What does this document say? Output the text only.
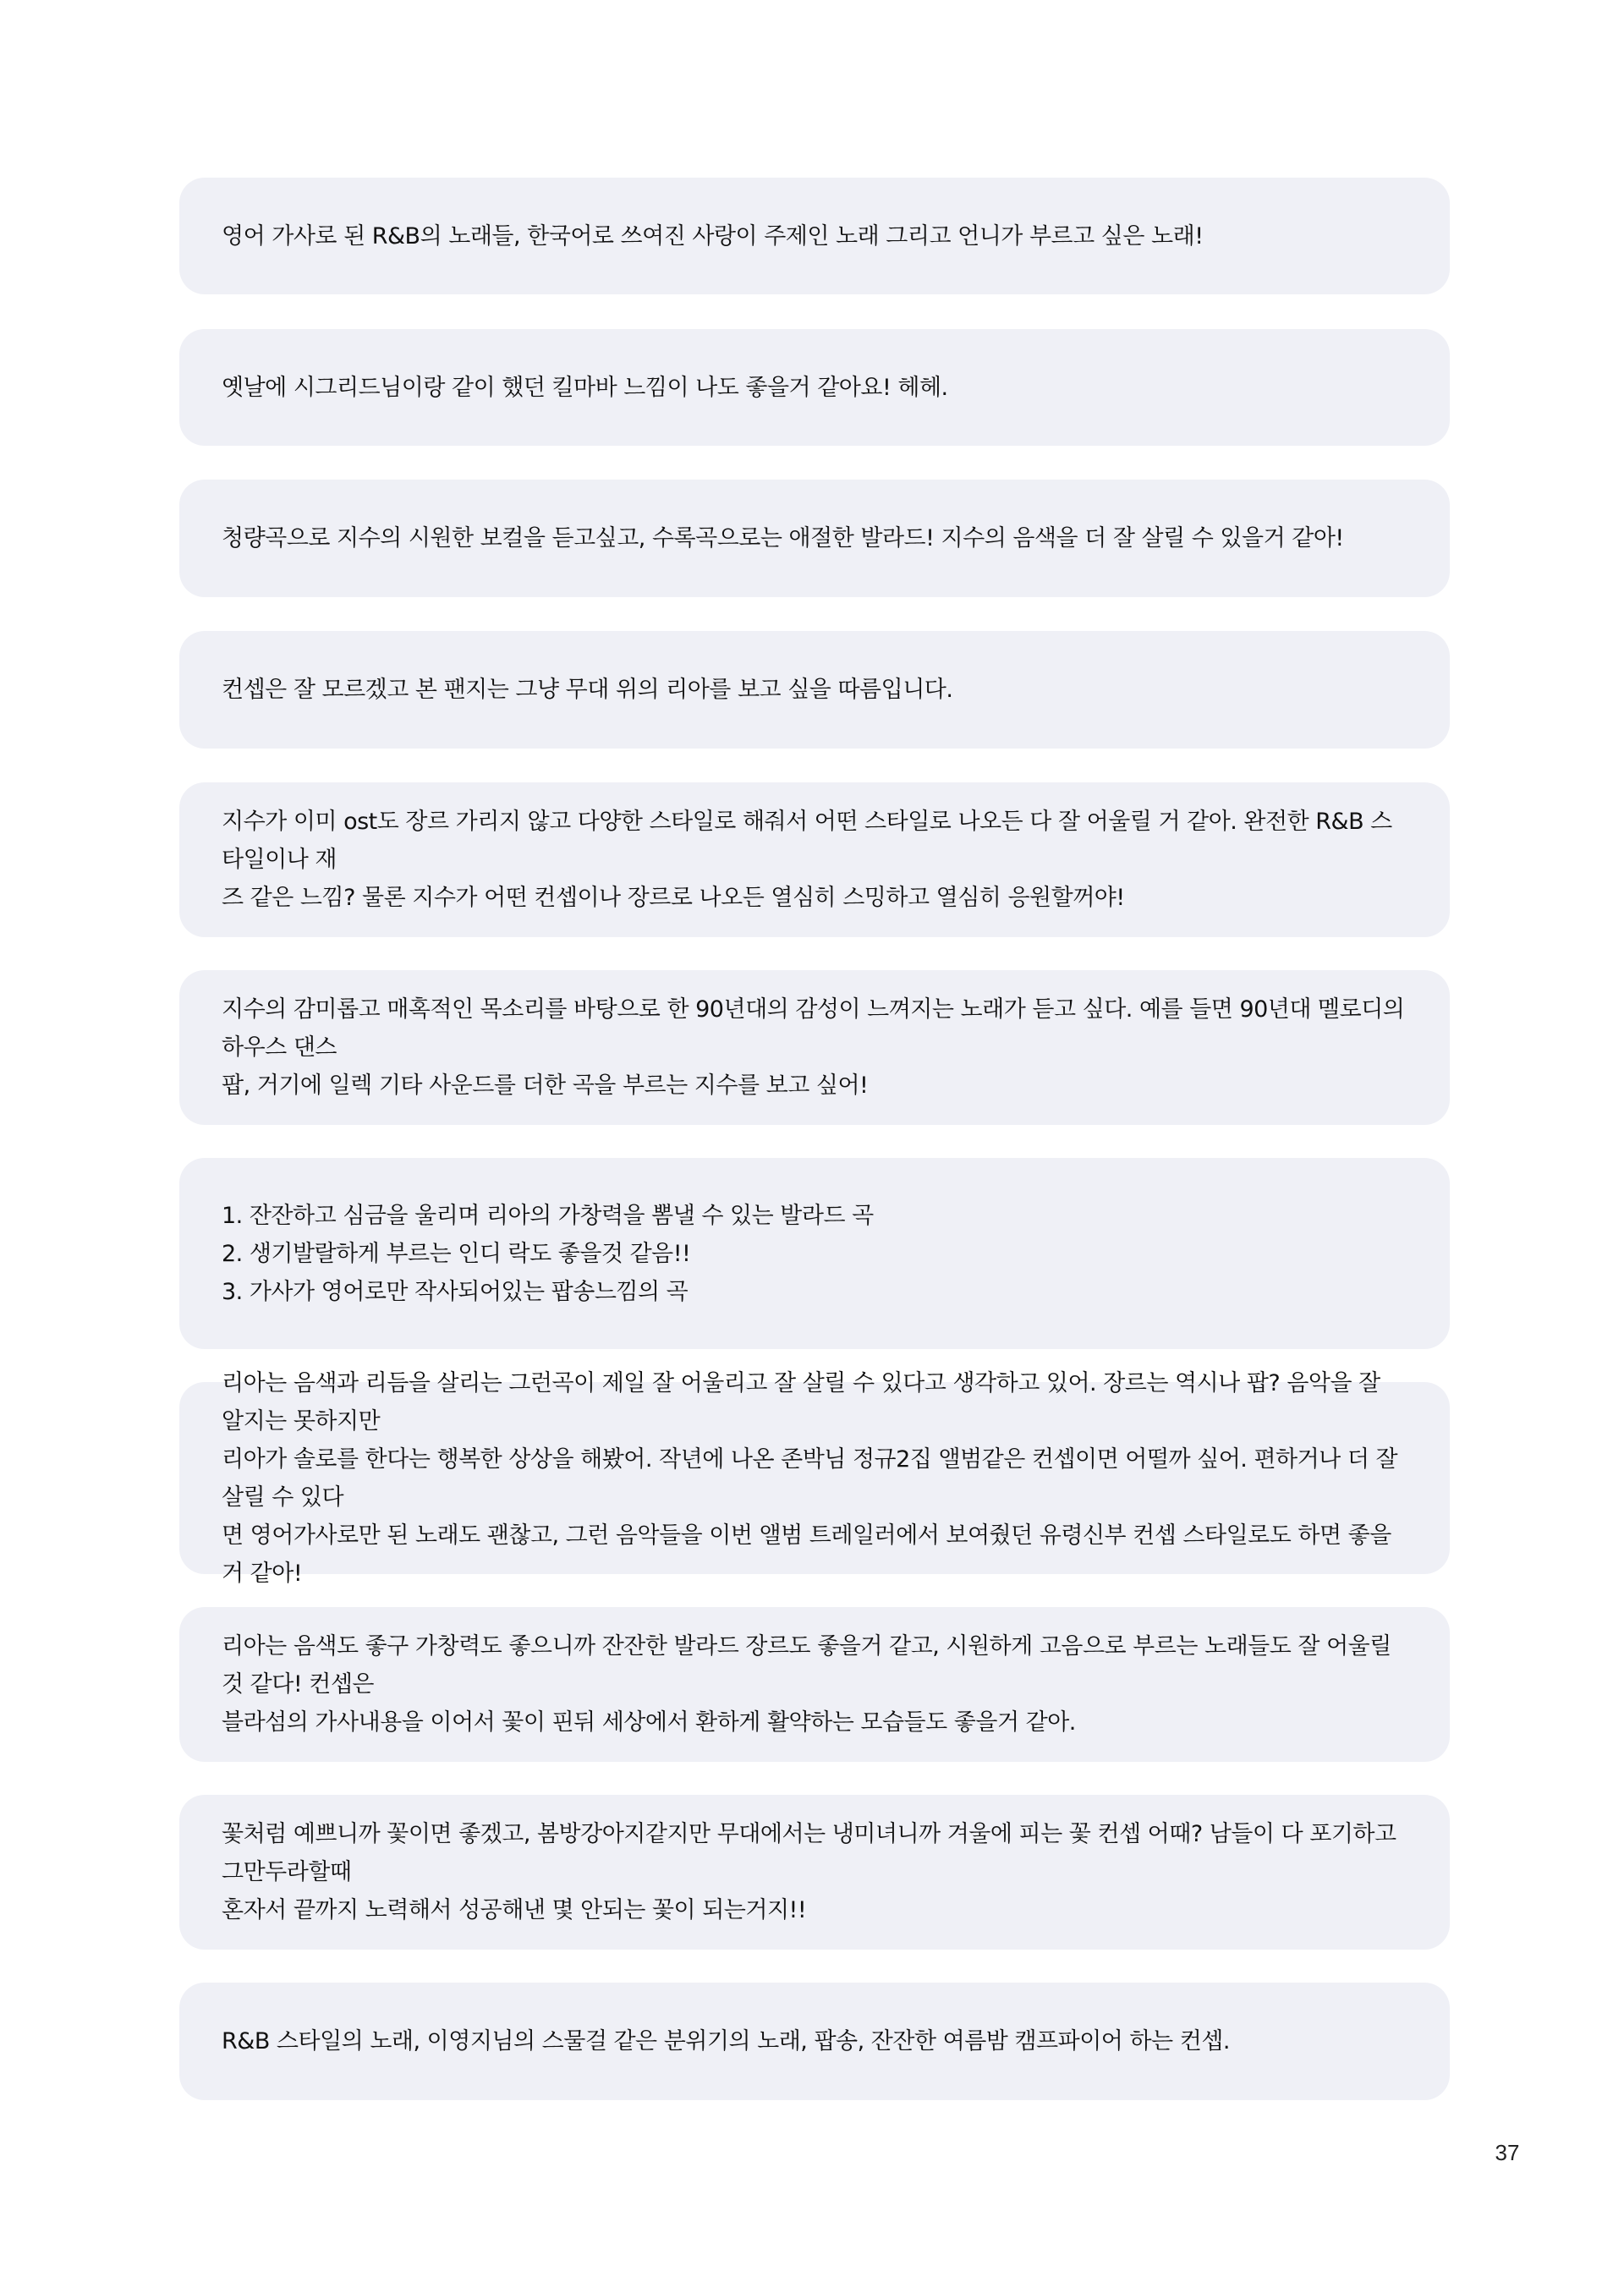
영어 가사로 된 R&B의 노래들, 한국어로 쓰여진 사랑이 주제인 노래 그리고 언니가 부르고 싶은 노래!

옛날에 시그리드님이랑 같이 했던 킬마바 느낌이 나도 좋을거 같아요! 헤헤.

청량곡으로 지수의 시원한 보컬을 듣고싶고, 수록곡으로는 애절한 발라드! 지수의 음색을 더 잘 살릴 수 있을거 같아!

컨셉은 잘 모르겠고 본 팬지는 그냥 무대 위의 리아를 보고 싶을 따름입니다.

지수가 이미 ost도 장르 가리지 않고 다양한 스타일로 해줘서 어떤 스타일로 나오든 다 잘 어울릴 거 같아. 완전한 R&B 스타일이나 재
즈 같은 느낌? 물론 지수가 어떤 컨셉이나 장르로 나오든 열심히 스밍하고 열심히 응원할꺼야!

지수의 감미롭고 매혹적인 목소리를 바탕으로 한 90년대의 감성이 느껴지는 노래가 듣고 싶다. 예를 들면 90년대 멜로디의 하우스 댄스
팝, 거기에 일렉 기타 사운드를 더한 곡을 부르는 지수를 보고 싶어!

1. 잔잔하고 심금을 울리며 리아의 가창력을 뽐낼 수 있는 발라드 곡
2. 생기발랄하게 부르는 인디 락도 좋을것 같음!!
3. 가사가 영어로만 작사되어있는 팝송느낌의 곡

리아는 음색과 리듬을 살리는 그런곡이 제일 잘 어울리고 잘 살릴 수 있다고 생각하고 있어. 장르는 역시나 팝? 음악을 잘 알지는 못하지만
리아가 솔로를 한다는 행복한 상상을 해봤어. 작년에 나온 존박님 정규2집 앨범같은 컨셉이면 어떨까 싶어. 편하거나 더 잘 살릴 수 있다
면 영어가사로만 된 노래도 괜찮고, 그런 음악들을 이번 앨범 트레일러에서 보여줬던 유령신부 컨셉 스타일로도 하면 좋을 거 같아!

리아는 음색도 좋구 가창력도 좋으니까 잔잔한 발라드 장르도 좋을거 같고, 시원하게 고음으로 부르는 노래들도 잘 어울릴것 같다! 컨셉은
블라섬의 가사내용을 이어서 꽃이 핀뒤 세상에서 환하게 활약하는 모습들도 좋을거 같아.

꽃처럼 예쁘니까 꽃이면 좋겠고, 봄방강아지같지만 무대에서는 냉미녀니까 겨울에 피는 꽃 컨셉 어때? 남들이 다 포기하고 그만두라할때
혼자서 끝까지 노력해서 성공해낸 몇 안되는 꽃이 되는거지!!

R&B 스타일의 노래, 이영지님의 스물걸 같은 분위기의 노래, 팝송, 잔잔한 여름밤 캠프파이어 하는 컨셉.

37
